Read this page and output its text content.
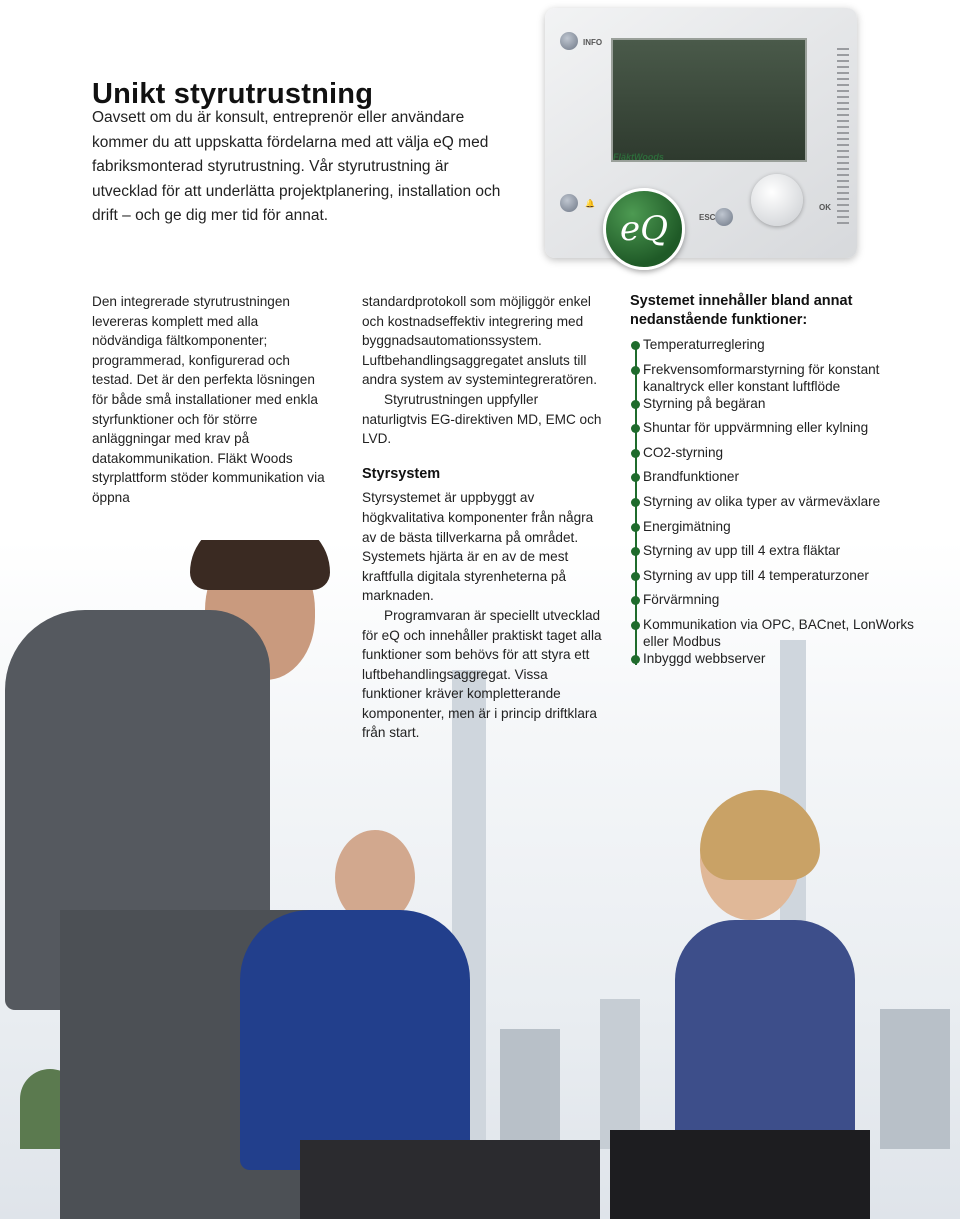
INFO
FläktWoods
🔔
ESC
OK
eQ
Unikt styrutrustning

Oavsett om du är konsult, entreprenör eller användare kommer du att uppskatta fördelarna med att välja eQ med fabriksmonterad styrutrustning. Vår styrutrustning är utvecklad för att underlätta projektplanering, installation och drift – och ge dig mer tid för annat.

Den integrerade styrutrustningen levereras komplett med alla nödvändiga fältkomponenter; programmerad, konfigurerad och testad. Det är den perfekta lösningen för både små installationer med enkla styrfunktioner och för större anläggningar med krav på datakommunikation. Fläkt Woods styrplattform stöder kommunikation via öppna

standardprotokoll som möjliggör enkel och kostnadseffektiv integrering med byggnadsautomationssystem. Luftbehandlingsaggregatet ansluts till andra system av systemintegreratören.

Styrutrustningen uppfyller naturligtvis EG-direktiven MD, EMC och LVD.

Styrsystem

Styrsystemet är uppbyggt av högkvalitativa komponenter från några av de bästa tillverkarna på området. Systemets hjärta är en av de mest kraftfulla digitala styrenheterna på marknaden.

Programvaran är speciellt utvecklad för eQ och innehåller praktiskt taget alla funktioner som behövs för att styra ett luftbehandlingsaggregat. Vissa funktioner kräver kompletterande komponenter, men är i princip driftklara från start.

Systemet innehåller bland annat nedanstående funktioner:

Temperaturreglering
Frekvensomformarstyrning för konstant kanaltryck eller konstant luftflöde
Styrning på begäran
Shuntar för uppvärmning eller kylning
CO2-styrning
Brandfunktioner
Styrning av olika typer av värmeväxlare
Energimätning
Styrning av upp till 4 extra fläktar
Styrning av upp till 4 temperaturzoner
Förvärmning
Kommunikation via OPC, BACnet, LonWorks eller Modbus
Inbyggd webbserver
